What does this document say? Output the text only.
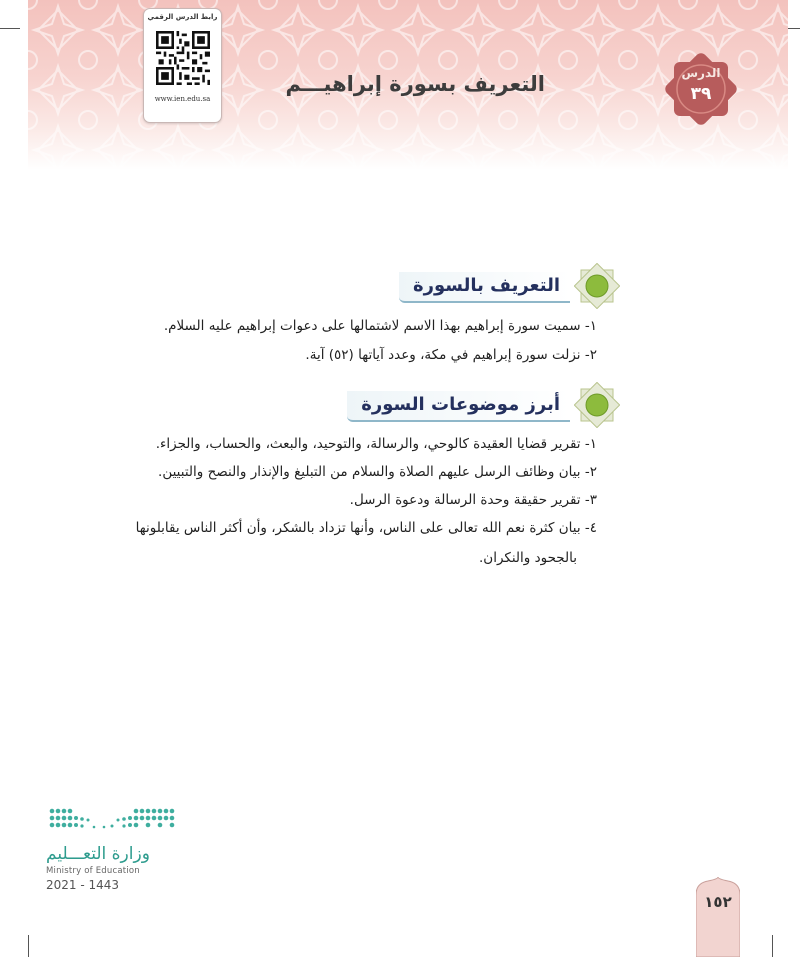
رابط الدرس الرقمي
www.ien.edu.sa
التعريف بسورة إبراهيـــم	الدرس
٣٩
التعريف بالسورة
١- سميت سورة إبراهيم بهذا الاسم لاشتمالها على دعوات إبراهيم عليه السلام.
٢- نزلت سورة إبراهيم في مكة، وعدد آياتها (٥٢) آية.
أبرز موضوعات السورة
١- تقرير قضايا العقيدة كالوحي، والرسالة، والتوحيد، والبعث، والحساب، والجزاء.
٢- بيان وظائف الرسل عليهم الصلاة والسلام من التبليغ والإنذار والنصح والتبيين.
٣- تقرير حقيقة وحدة الرسالة ودعوة الرسل.
٤- بيان كثرة نعم الله تعالى على الناس، وأنها تزداد بالشكر، وأن أكثر الناس يقابلونها
بالجحود والنكران.
وزارة التعـــليم
Ministry of Education
2021 - 1443
١٥٢
